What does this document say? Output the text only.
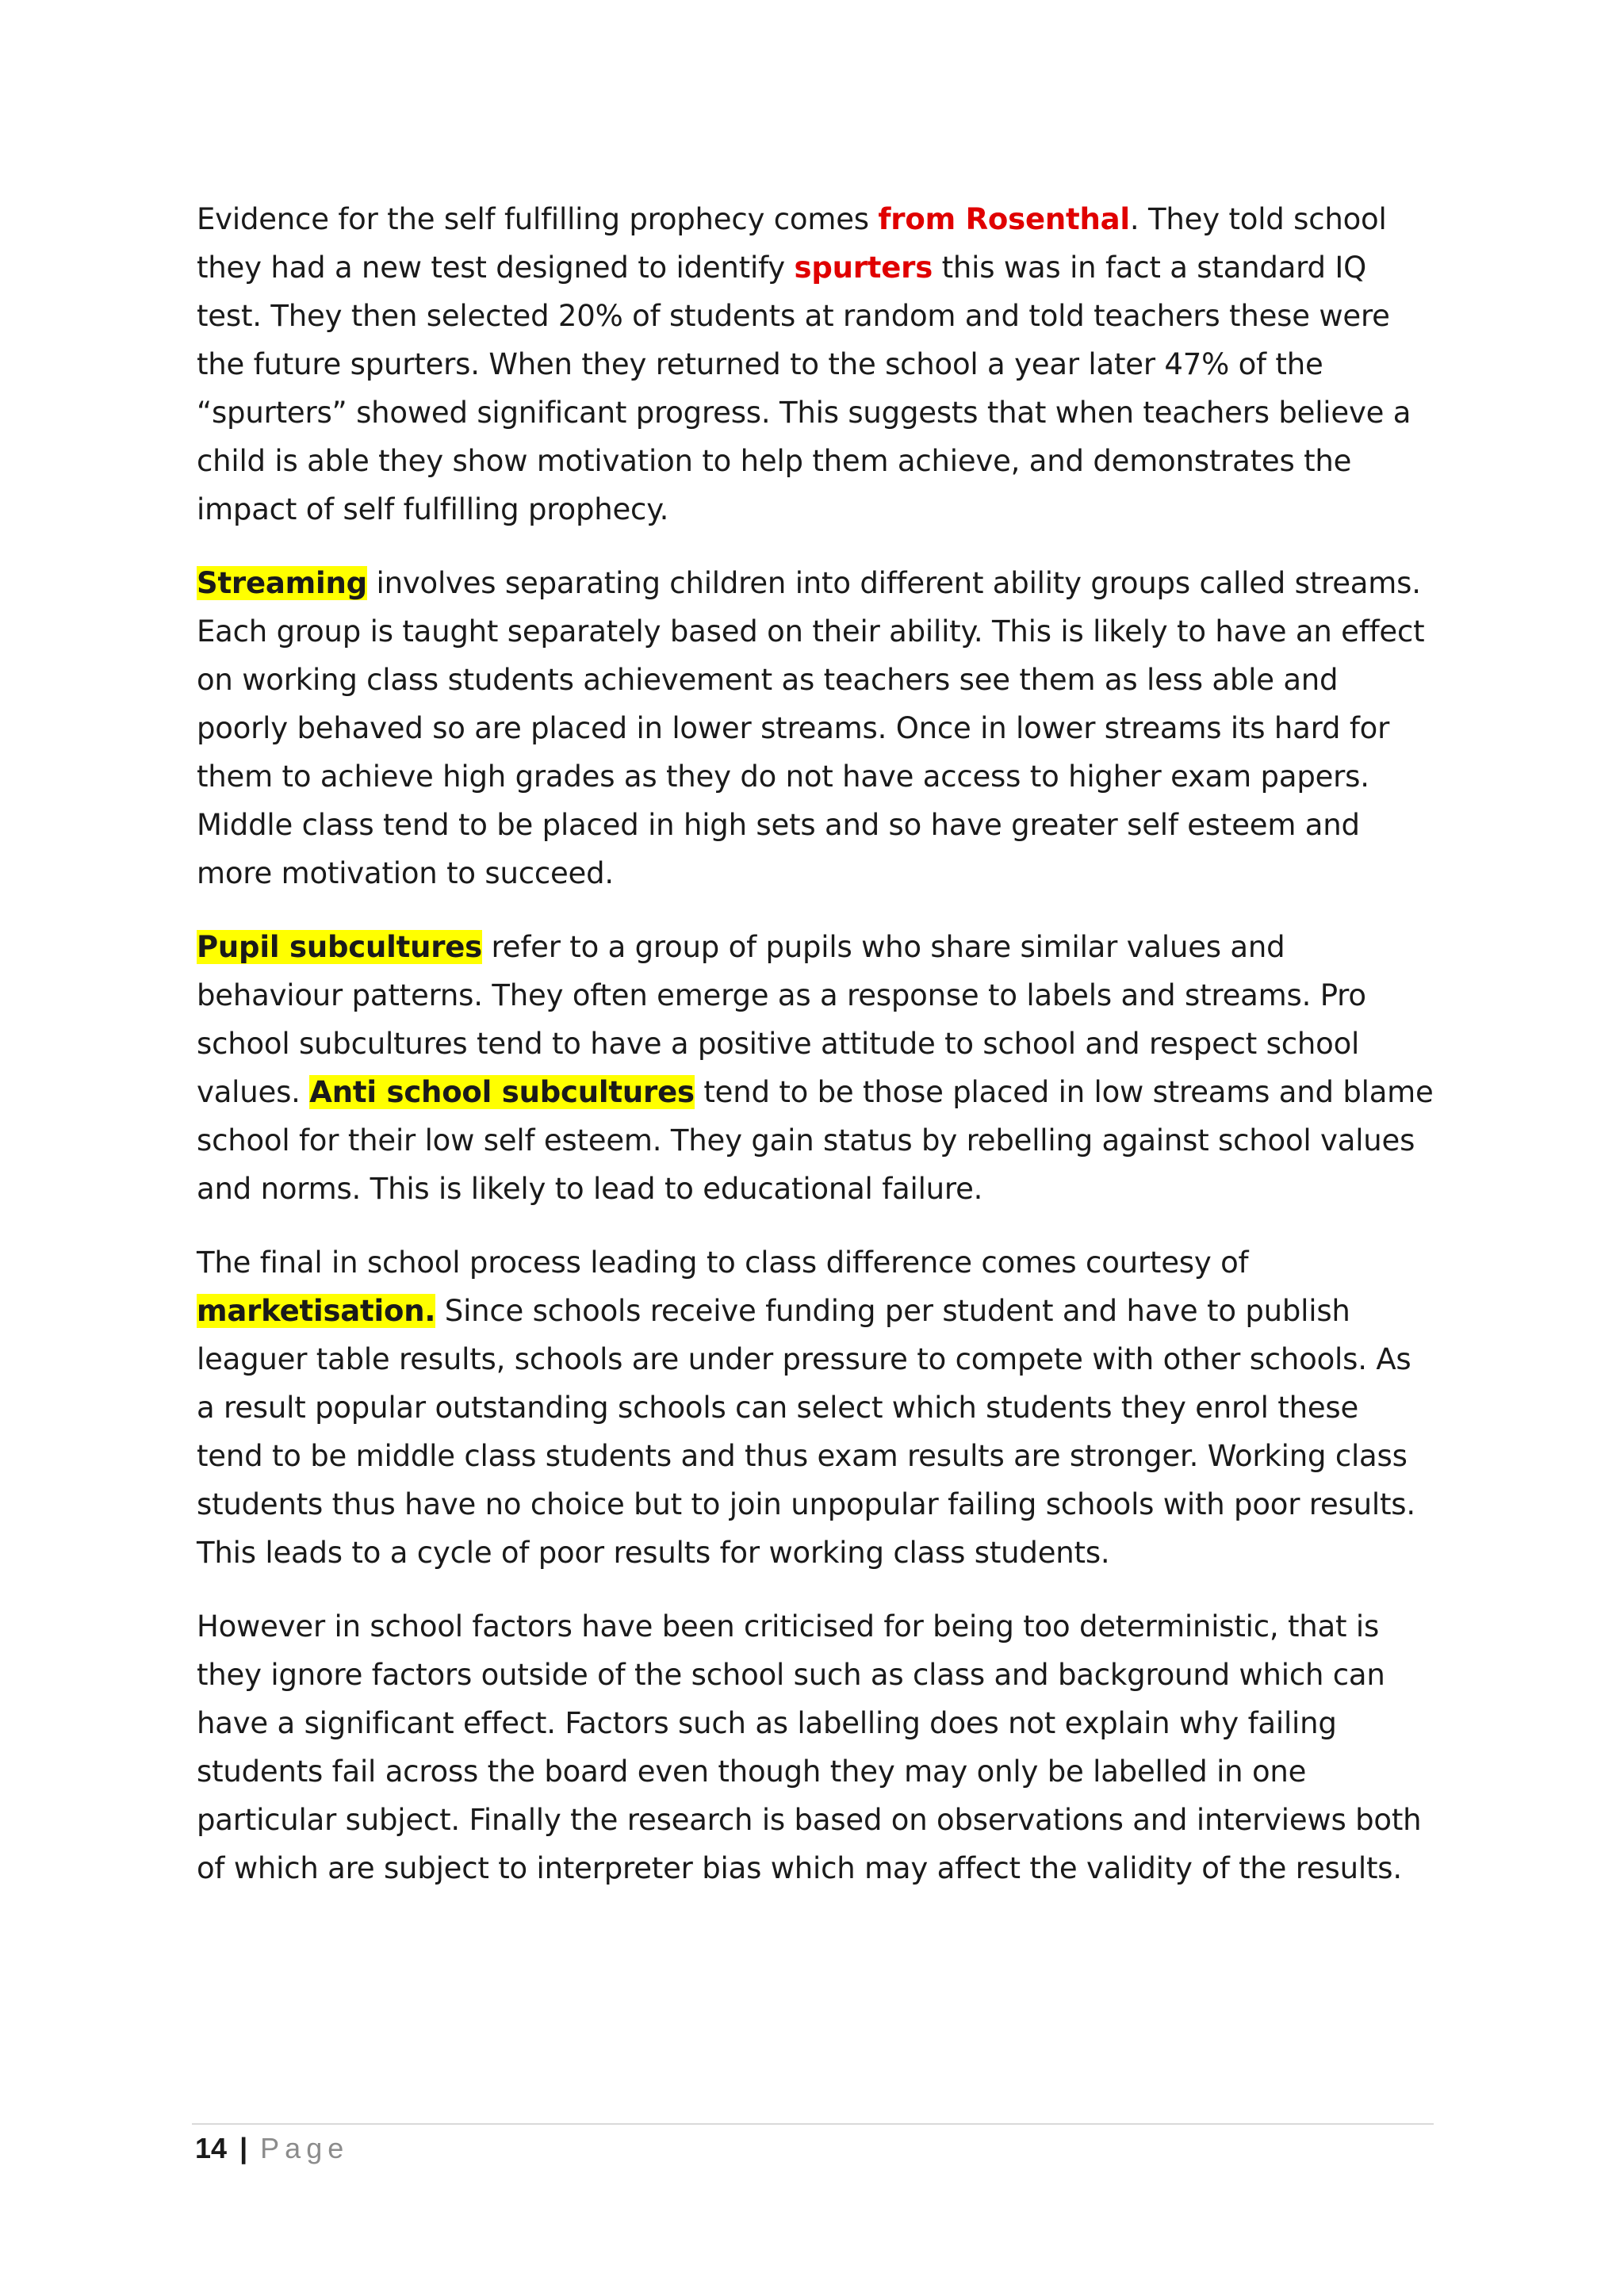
Evidence for the self fulfilling prophecy comes from Rosenthal. They told school they had a new test designed to identify spurters this was in fact a standard IQ test. They then selected 20% of students at random and told teachers these were the future spurters. When they returned to the school a year later 47% of the “spurters” showed significant progress. This suggests that when teachers believe a child is able they show motivation to help them achieve, and demonstrates the impact of self fulfilling prophecy.

Streaming involves separating children into different ability groups called streams. Each group is taught separately based on their ability. This is likely to have an effect on working class students achievement as teachers see them as less able and poorly behaved so are placed in lower streams. Once in lower streams its hard for them to achieve high grades as they do not have access to higher exam papers. Middle class tend to be placed in high sets and so have greater self esteem and more motivation to succeed.

Pupil subcultures refer to a group of pupils who share similar values and behaviour patterns. They often emerge as a response to labels and streams. Pro school subcultures tend to have a positive attitude to school and respect school values. Anti school subcultures tend to be those placed in low streams and blame school for their low self esteem. They gain status by rebelling against school values and norms. This is likely to lead to educational failure.

The final in school process leading to class difference comes courtesy of marketisation. Since schools receive funding per student and have to publish leaguer table results, schools are under pressure to compete with other schools. As a result popular outstanding schools can select which students they enrol these tend to be middle class students and thus exam results are stronger. Working class students thus have no choice but to join unpopular failing schools with poor results. This leads to a cycle of poor results for working class students.

However in school factors have been criticised for being too deterministic, that is they ignore factors outside of the school such as class and background which can have a significant effect. Factors such as labelling does not explain why failing students fail across the board even though they may only be labelled in one particular subject. Finally the research is based on observations and interviews both of which are subject to interpreter bias which may affect the validity of the results.

14 | Page
